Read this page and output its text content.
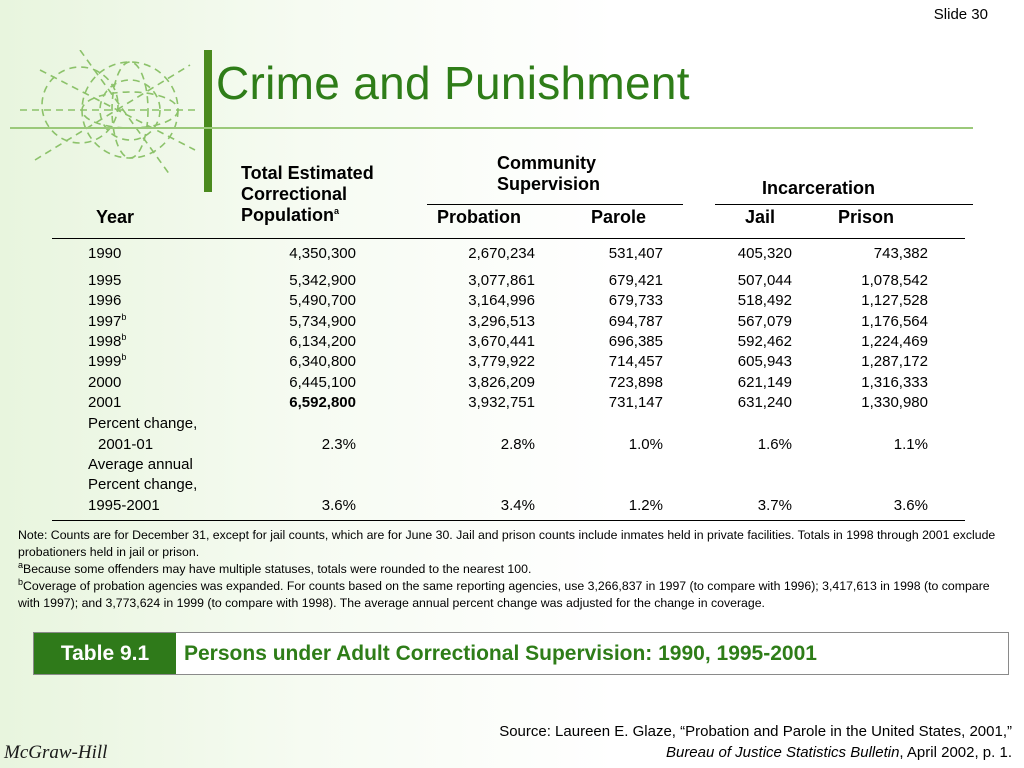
Slide 30
Crime and Punishment
Total Estimated
Correctional
Population$^a$
Community
Supervision	Incarceration
Year	Probation	Parole	Jail	Prison
1990	4,350,300	2,670,234	531,407	405,320	743,382
1995	5,342,900	3,077,861	679,421	507,044	1,078,542
1996	5,490,700	3,164,996	679,733	518,492	1,127,528
1997$^b$	5,734,900	3,296,513	694,787	567,079	1,176,564
1998$^b$	6,134,200	3,670,441	696,385	592,462	1,224,469
1999$^b$	6,340,800	3,779,922	714,457	605,943	1,287,172
2000	6,445,100	3,826,209	723,898	621,149	1,316,333
2001	6,592,800	3,932,751	731,147	631,240	1,330,980
Percent change,
2001-01	2.3%	2.8%	1.0%	1.6%	1.1%
Average annual
Percent change,
1995-2001	3.6%	3.4%	1.2%	3.7%	3.6%

Note: Counts are for December 31, except for jail counts, which are for June 30. Jail and prison counts include inmates held in private facilities. Totals in 1998 through 2001 exclude probationers held in jail or prison.

$^a$Because some offenders may have multiple statuses, totals were rounded to the nearest 100.

$^b$Coverage of probation agencies was expanded. For counts based on the same reporting agencies, use 3,266,837 in 1997 (to compare with 1996); 3,417,613 in 1998 (to compare with 1997); and 3,773,624 in 1999 (to compare with 1998). The average annual percent change was adjusted for the change in coverage.

Table 9.1	Persons under Adult Correctional Supervision: 1990, 1995-2001
Source: Laureen E. Glaze, “Probation and Parole in the United States, 2001,” Bureau of Justice Statistics Bulletin, April 2002, p. 1.
McGraw-Hill
